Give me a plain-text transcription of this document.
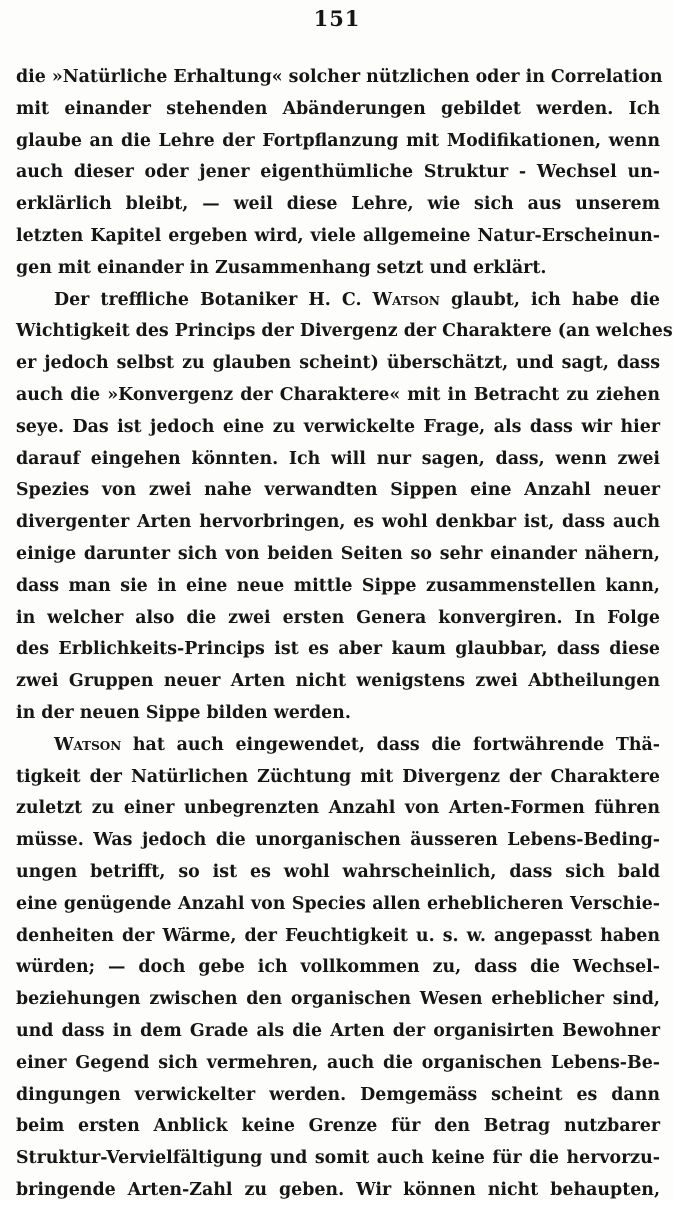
151
die »Natürliche Erhaltung« solcher nützlichen oder in Correlation
mit einander stehenden Abänderungen gebildet werden. Ich
glaube an die Lehre der Fortpflanzung mit Modifikationen, wenn
auch dieser oder jener eigenthümliche Struktur - Wechsel un-
erklärlich bleibt, — weil diese Lehre, wie sich aus unserem
letzten Kapitel ergeben wird, viele allgemeine Natur-Erscheinun-
gen mit einander in Zusammenhang setzt und erklärt.
Der treffliche Botaniker H. C. Watson glaubt, ich habe die
Wichtigkeit des Princips der Divergenz der Charaktere (an welches
er jedoch selbst zu glauben scheint) überschätzt, und sagt, dass
auch die »Konvergenz der Charaktere« mit in Betracht zu ziehen
seye. Das ist jedoch eine zu verwickelte Frage, als dass wir hier
darauf eingehen könnten. Ich will nur sagen, dass, wenn zwei
Spezies von zwei nahe verwandten Sippen eine Anzahl neuer
divergenter Arten hervorbringen, es wohl denkbar ist, dass auch
einige darunter sich von beiden Seiten so sehr einander nähern,
dass man sie in eine neue mittle Sippe zusammenstellen kann,
in welcher also die zwei ersten Genera konvergiren. In Folge
des Erblichkeits-Princips ist es aber kaum glaubbar, dass diese
zwei Gruppen neuer Arten nicht wenigstens zwei Abtheilungen
in der neuen Sippe bilden werden.
Watson hat auch eingewendet, dass die fortwährende Thä-
tigkeit der Natürlichen Züchtung mit Divergenz der Charaktere
zuletzt zu einer unbegrenzten Anzahl von Arten-Formen führen
müsse. Was jedoch die unorganischen äusseren Lebens-Beding-
ungen betrifft, so ist es wohl wahrscheinlich, dass sich bald
eine genügende Anzahl von Species allen erheblicheren Verschie-
denheiten der Wärme, der Feuchtigkeit u. s. w. angepasst haben
würden; — doch gebe ich vollkommen zu, dass die Wechsel-
beziehungen zwischen den organischen Wesen erheblicher sind,
und dass in dem Grade als die Arten der organisirten Bewohner
einer Gegend sich vermehren, auch die organischen Lebens-Be-
dingungen verwickelter werden. Demgemäss scheint es dann
beim ersten Anblick keine Grenze für den Betrag nutzbarer
Struktur-Vervielfältigung und somit auch keine für die hervorzu-
bringende Arten-Zahl zu geben. Wir können nicht behaupten,
